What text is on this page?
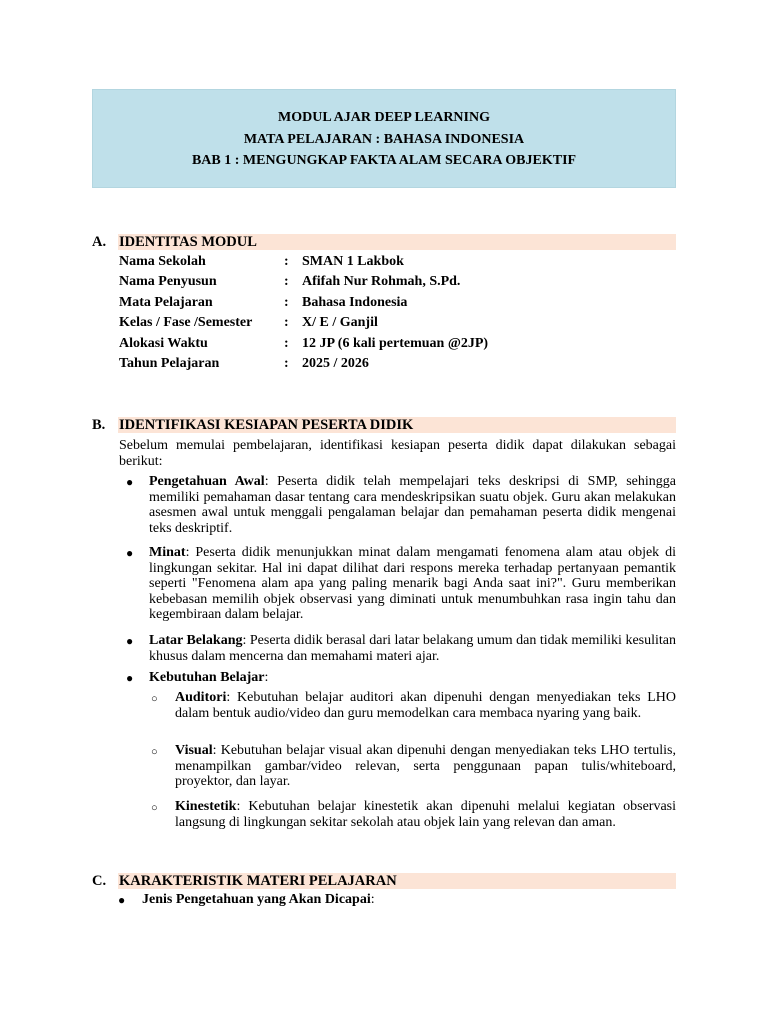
MODUL AJAR DEEP LEARNING
MATA PELAJARAN : BAHASA INDONESIA
BAB 1 : MENGUNGKAP FAKTA ALAM SECARA OBJEKTIF
A. IDENTITAS MODUL
Nama Sekolah	: SMAN 1 Lakbok
Nama Penyusun	: Afifah Nur Rohmah, S.Pd.
Mata Pelajaran	: Bahasa Indonesia
Kelas / Fase /Semester : X/ E / Ganjil
Alokasi Waktu	: 12 JP (6 kali pertemuan @2JP)
Tahun Pelajaran	: 2025 / 2026
B. IDENTIFIKASI KESIAPAN PESERTA DIDIK
Sebelum memulai pembelajaran, identifikasi kesiapan peserta didik dapat dilakukan sebagai berikut:
● Pengetahuan Awal: Peserta didik telah mempelajari teks deskripsi di SMP, sehingga memiliki pemahaman dasar tentang cara mendeskripsikan suatu objek. Guru akan melakukan asesmen awal untuk menggali pengalaman belajar dan pemahaman peserta didik mengenai teks deskriptif.
● Minat: Peserta didik menunjukkan minat dalam mengamati fenomena alam atau objek di lingkungan sekitar. Hal ini dapat dilihat dari respons mereka terhadap pertanyaan pemantik seperti "Fenomena alam apa yang paling menarik bagi Anda saat ini?". Guru memberikan kebebasan memilih objek observasi yang diminati untuk menumbuhkan rasa ingin tahu dan kegembiraan dalam belajar.
● Latar Belakang: Peserta didik berasal dari latar belakang umum dan tidak memiliki kesulitan khusus dalam mencerna dan memahami materi ajar.
● Kebutuhan Belajar:
○ Auditori: Kebutuhan belajar auditori akan dipenuhi dengan menyediakan teks LHO dalam bentuk audio/video dan guru memodelkan cara membaca nyaring yang baik.
○ Visual: Kebutuhan belajar visual akan dipenuhi dengan menyediakan teks LHO tertulis, menampilkan gambar/video relevan, serta penggunaan papan tulis/whiteboard, proyektor, dan layar.
○ Kinestetik: Kebutuhan belajar kinestetik akan dipenuhi melalui kegiatan observasi langsung di lingkungan sekitar sekolah atau objek lain yang relevan dan aman.
C. KARAKTERISTIK MATERI PELAJARAN
● Jenis Pengetahuan yang Akan Dicapai:
